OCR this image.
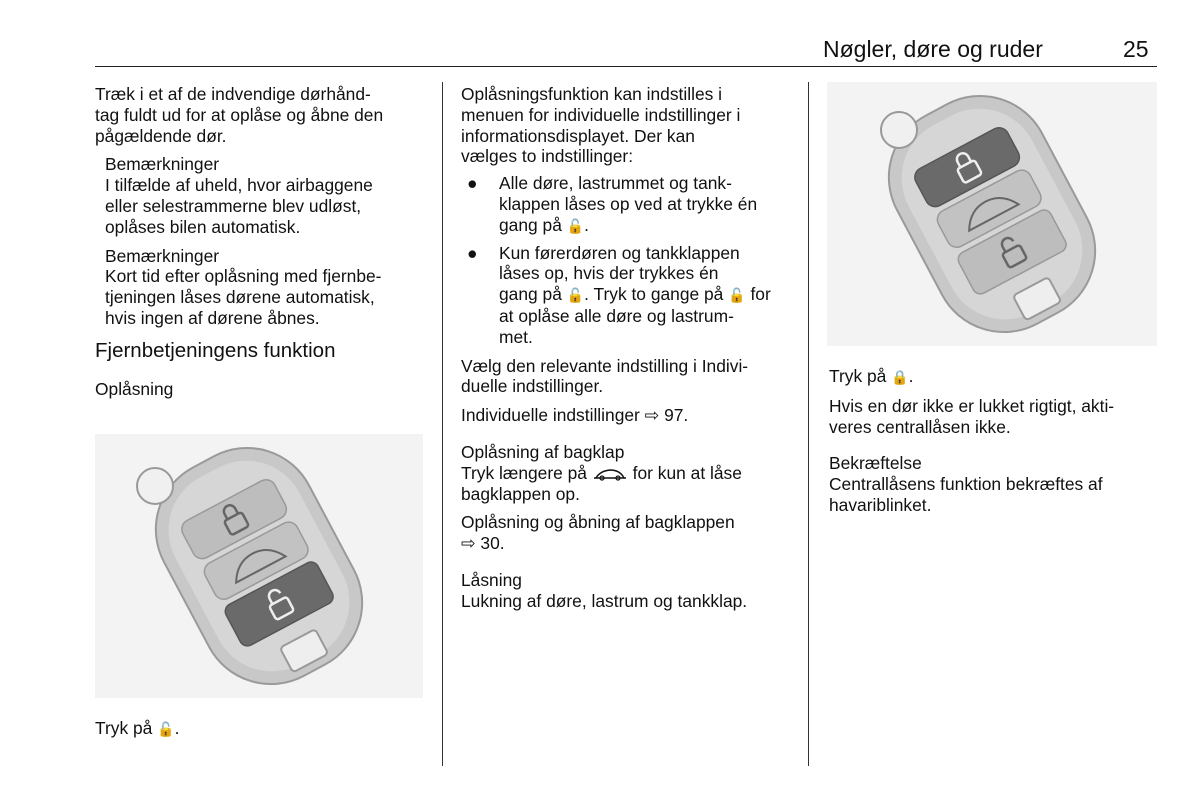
Nøgler, døre og ruder	25

Træk i et af de indvendige dørhånd-
tag fuldt ud for at oplåse og åbne den
pågældende dør.

Bemærkninger

I tilfælde af uheld, hvor airbaggene
eller selestrammerne blev udløst,
oplåses bilen automatisk.

Bemærkninger

Kort tid efter oplåsning med fjernbe-
tjeningen låses dørene automatisk,
hvis ingen af dørene åbnes.

Fjernbetjeningens funktion

Oplåsning

Tryk på 🔓.

Oplåsningsfunktion kan indstilles i
menuen for individuelle indstillinger i
informationsdisplayet. Der kan
vælges to indstillinger:

● Alle døre, lastrummet og tank-
klappen låses op ved at trykke én
gang på 🔓.
● Kun førerdøren og tankklappen
låses op, hvis der trykkes én
gang på 🔓. Tryk to gange på 🔓 for
at oplåse alle døre og lastrum-
met.

Vælg den relevante indstilling i Indivi-
duelle indstillinger.

Individuelle indstillinger ⇨ 97.

Oplåsning af bagklap

Tryk længere på  for kun at låse
bagklappen op.

Oplåsning og åbning af bagklappen
⇨ 30.

Låsning

Lukning af døre, lastrum og tankklap.

Tryk på 🔒.

Hvis en dør ikke er lukket rigtigt, akti-
veres centrallåsen ikke.

Bekræftelse

Centrallåsens funktion bekræftes af
havariblinket.
